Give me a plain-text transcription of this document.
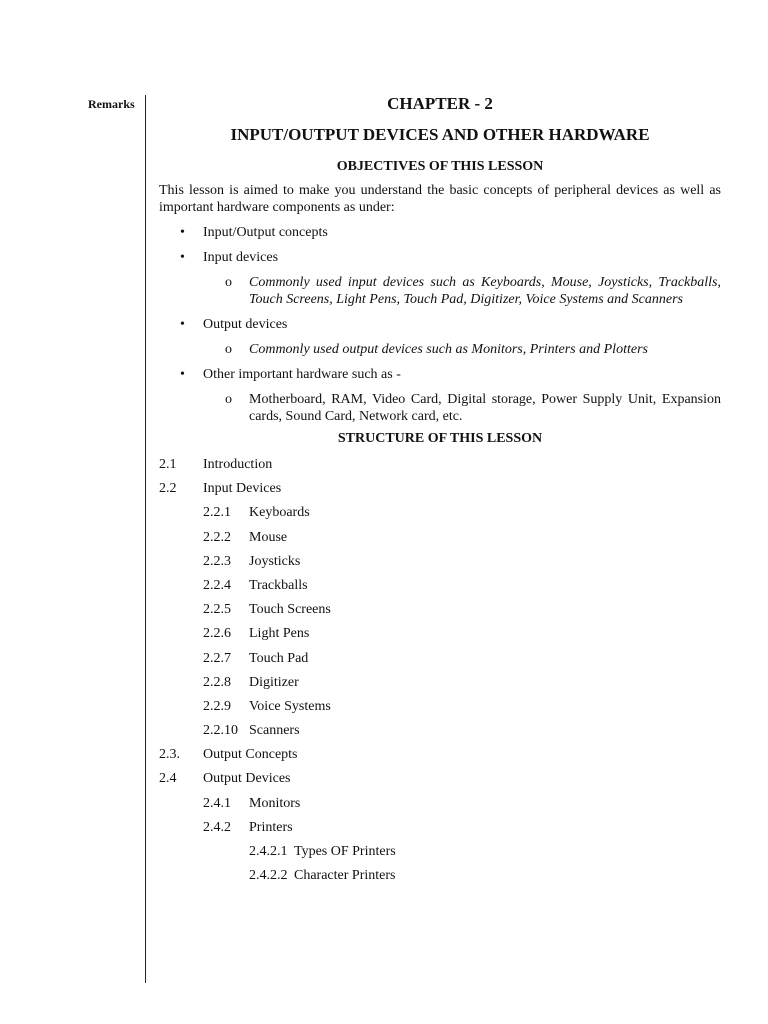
Remarks	CHAPTER - 2
INPUT/OUTPUT DEVICES AND OTHER HARDWARE
OBJECTIVES OF THIS LESSON

This lesson is aimed to make you understand the basic concepts of peripheral devices as well as important hardware components as under:

• Input/Output concepts
• Input devices
o Commonly used input devices such as Keyboards, Mouse, Joysticks, Trackballs, Touch Screens, Light Pens, Touch Pad, Digitizer, Voice Systems and Scanners
• Output devices
o Commonly used output devices such as Monitors, Printers and Plotters
• Other important hardware such as -
o Motherboard, RAM, Video Card, Digital storage, Power Supply Unit, Expansion cards, Sound Card, Network card, etc.
STRUCTURE OF THIS LESSON
2.1 Introduction
2.2 Input Devices
2.2.1 Keyboards
2.2.2 Mouse
2.2.3 Joysticks
2.2.4 Trackballs
2.2.5 Touch Screens
2.2.6 Light Pens
2.2.7 Touch Pad
2.2.8 Digitizer
2.2.9 Voice Systems
2.2.10 Scanners
2.3. Output Concepts
2.4 Output Devices
2.4.1 Monitors
2.4.2 Printers
2.4.2.1 Types OF Printers
2.4.2.2 Character Printers
